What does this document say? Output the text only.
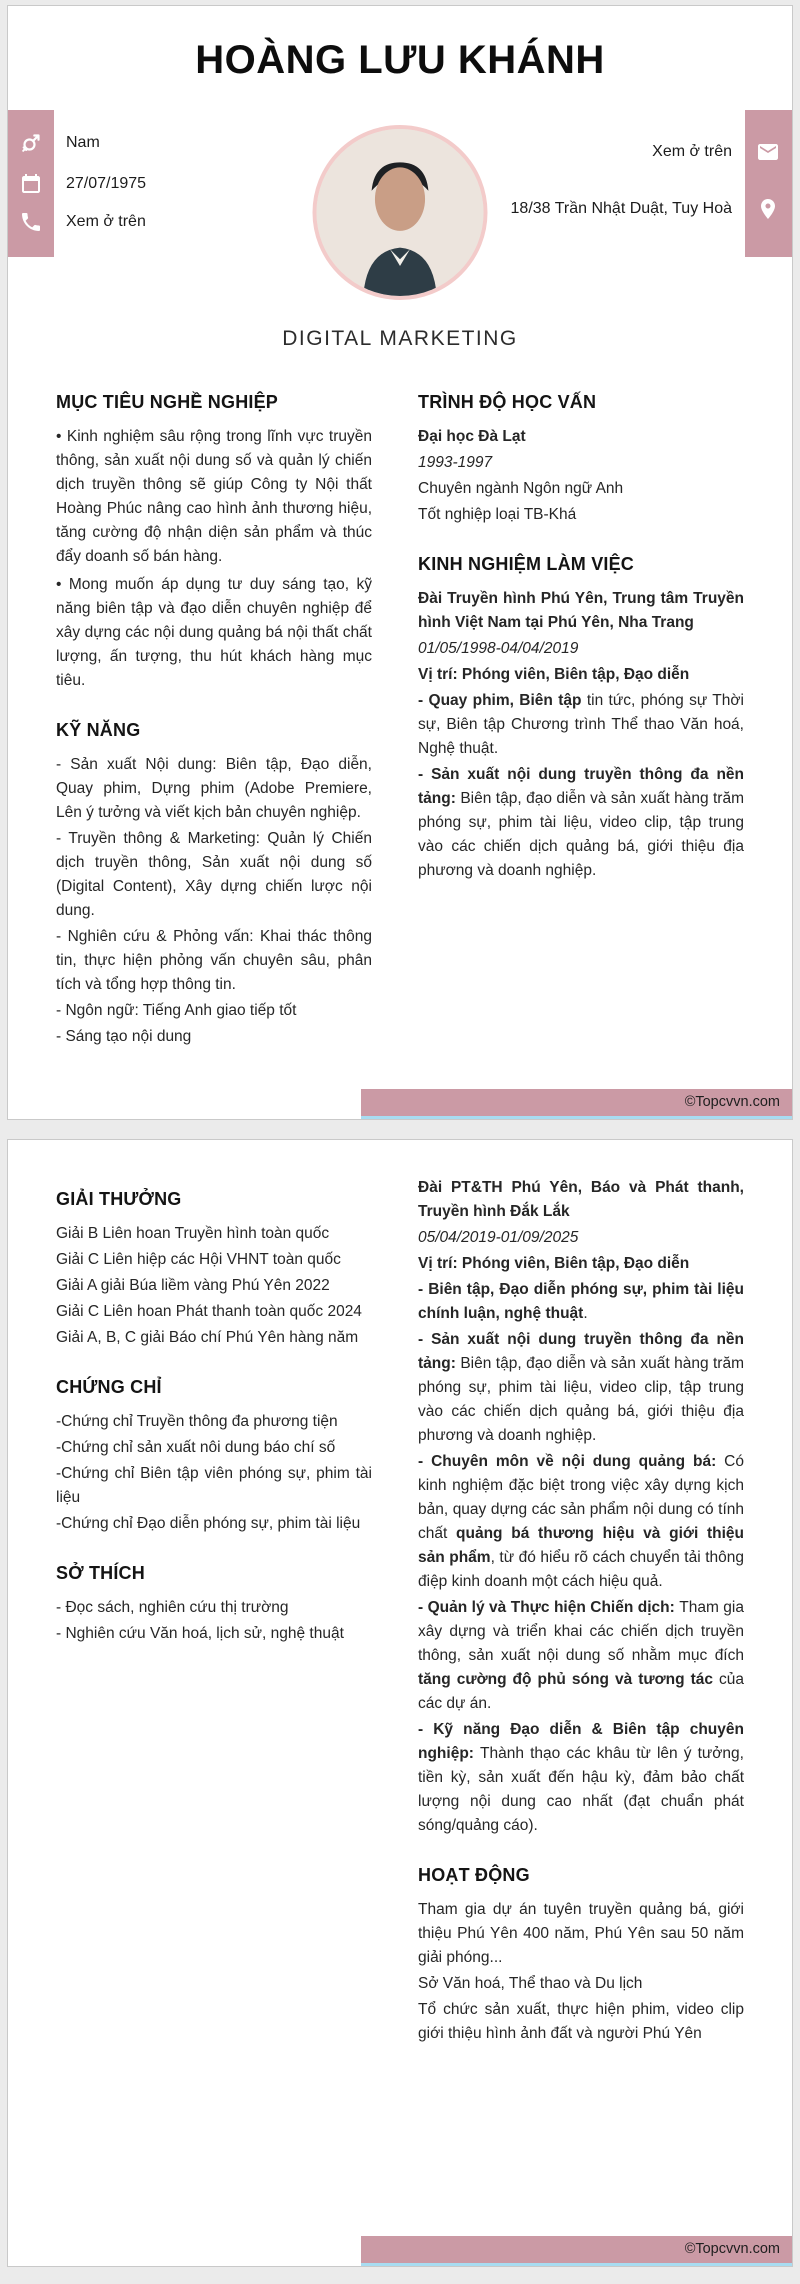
HOÀNG LƯU KHÁNH
Nam
27/07/1975
Xem ở trên
Xem ở trên
18/38 Trần Nhật Duật, Tuy Hoà
DIGITAL MARKETING
MỤC TIÊU NGHỀ NGHIỆP

• Kinh nghiệm sâu rộng trong lĩnh vực truyền thông, sản xuất nội dung số và quản lý chiến dịch truyền thông sẽ giúp Công ty Nội thất Hoàng Phúc nâng cao hình ảnh thương hiệu, tăng cường độ nhận diện sản phẩm và thúc đẩy doanh số bán hàng.

• Mong muốn áp dụng tư duy sáng tạo, kỹ năng biên tập và đạo diễn chuyên nghiệp để xây dựng các nội dung quảng bá nội thất chất lượng, ấn tượng, thu hút khách hàng mục tiêu.

KỸ NĂNG

- Sản xuất Nội dung: Biên tập, Đạo diễn, Quay phim, Dựng phim (Adobe Premiere, Lên ý tưởng và viết kịch bản chuyên nghiệp.

- Truyền thông & Marketing: Quản lý Chiến dịch truyền thông, Sản xuất nội dung số (Digital Content), Xây dựng chiến lược nội dung.

- Nghiên cứu & Phỏng vấn: Khai thác thông tin, thực hiện phỏng vấn chuyên sâu, phân tích và tổng hợp thông tin.

- Ngôn ngữ: Tiếng Anh giao tiếp tốt

- Sáng tạo nội dung

TRÌNH ĐỘ HỌC VẤN

Đại học Đà Lạt

1993-1997

Chuyên ngành Ngôn ngữ Anh

Tốt nghiệp loại TB-Khá

KINH NGHIỆM LÀM VIỆC

Đài Truyền hình Phú Yên, Trung tâm Truyền hình Việt Nam tại Phú Yên, Nha Trang

01/05/1998-04/04/2019

Vị trí: Phóng viên, Biên tập, Đạo diễn

- Quay phim, Biên tập tin tức, phóng sự Thời sự, Biên tập Chương trình Thể thao Văn hoá, Nghệ thuật.

- Sản xuất nội dung truyền thông đa nền tảng: Biên tập, đạo diễn và sản xuất hàng trăm phóng sự, phim tài liệu, video clip, tập trung vào các chiến dịch quảng bá, giới thiệu địa phương và doanh nghiệp.

©Topcvvn.com
GIẢI THƯỞNG

Giải B Liên hoan Truyền hình toàn quốc

Giải C Liên hiệp các Hội VHNT toàn quốc

Giải A giải Búa liềm vàng Phú Yên 2022

Giải C Liên hoan Phát thanh toàn quốc 2024

Giải A, B, C giải Báo chí Phú Yên hàng năm

CHỨNG CHỈ

-Chứng chỉ Truyền thông đa phương tiện

-Chứng chỉ sản xuất nôi dung báo chí số

-Chứng chỉ Biên tập viên phóng sự, phim tài liệu

-Chứng chỉ Đạo diễn phóng sự, phim tài liệu

SỞ THÍCH

- Đọc sách, nghiên cứu thị trường

- Nghiên cứu Văn hoá, lịch sử, nghệ thuật

Đài PT&TH Phú Yên, Báo và Phát thanh, Truyền hình Đắk Lắk

05/04/2019-01/09/2025

Vị trí: Phóng viên, Biên tập, Đạo diễn

- Biên tập, Đạo diễn phóng sự, phim tài liệu chính luận, nghệ thuật.

- Sản xuất nội dung truyền thông đa nền tảng: Biên tập, đạo diễn và sản xuất hàng trăm phóng sự, phim tài liệu, video clip, tập trung vào các chiến dịch quảng bá, giới thiệu địa phương và doanh nghiệp.

- Chuyên môn về nội dung quảng bá: Có kinh nghiệm đặc biệt trong việc xây dựng kịch bản, quay dựng các sản phẩm nội dung có tính chất quảng bá thương hiệu và giới thiệu sản phẩm, từ đó hiểu rõ cách chuyển tải thông điệp kinh doanh một cách hiệu quả.

- Quản lý và Thực hiện Chiến dịch: Tham gia xây dựng và triển khai các chiến dịch truyền thông, sản xuất nội dung số nhằm mục đích tăng cường độ phủ sóng và tương tác của các dự án.

- Kỹ năng Đạo diễn & Biên tập chuyên nghiệp: Thành thạo các khâu từ lên ý tưởng, tiền kỳ, sản xuất đến hậu kỳ, đảm bảo chất lượng nội dung cao nhất (đạt chuẩn phát sóng/quảng cáo).

HOẠT ĐỘNG

Tham gia dự án tuyên truyền quảng bá, giới thiệu Phú Yên 400 năm, Phú Yên sau 50 năm giải phóng...

Sở Văn hoá, Thể thao và Du lịch

Tổ chức sản xuất, thực hiện phim, video clip giới thiệu hình ảnh đất và người Phú Yên

©Topcvvn.com
